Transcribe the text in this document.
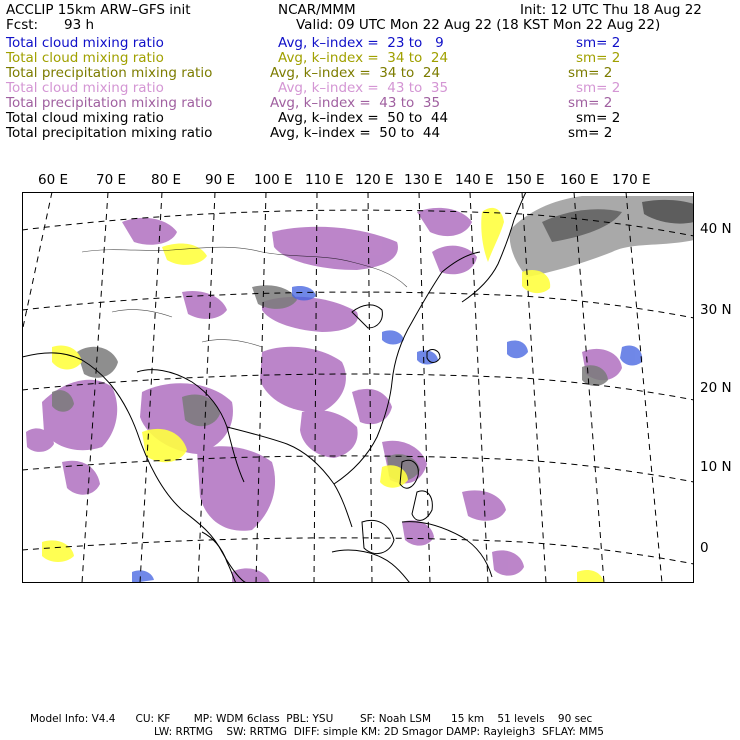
ACCLIP 15km ARW–GFS init	NCAR/MMM	Init: 12 UTC Thu 18 Aug 22
Fcst: 93 h	Valid: 09 UTC Mon 22 Aug 22 (18 KST Mon 22 Aug 22)
Total cloud mixing ratio	Avg, k–index =  23 to   9	sm= 2
Total cloud mixing ratio	Avg, k–index =  34 to  24	sm= 2
Total precipitation mixing ratio	Avg, k–index =  34 to  24	sm= 2
Total cloud mixing ratio	Avg, k–index =  43 to  35	sm= 2
Total precipitation mixing ratio	Avg, k–index =  43 to  35	sm= 2
Total cloud mixing ratio	Avg, k–index =  50 to  44	sm= 2
Total precipitation mixing ratio	Avg, k–index =  50 to  44	sm= 2
60 E 70 E 80 E 90 E 100 E 110 E 120 E 130 E 140 E 150 E 160 E 170 E
40 N
30 N
20 N
10 N
0
Model Info: V4.4      CU: KF       MP: WDM 6class  PBL: YSU        SF: Noah LSM      15 km    51 levels    90 sec
LW: RRTMG    SW: RRTMG  DIFF: simple KM: 2D Smagor DAMP: Rayleigh3  SFLAY: MM5
